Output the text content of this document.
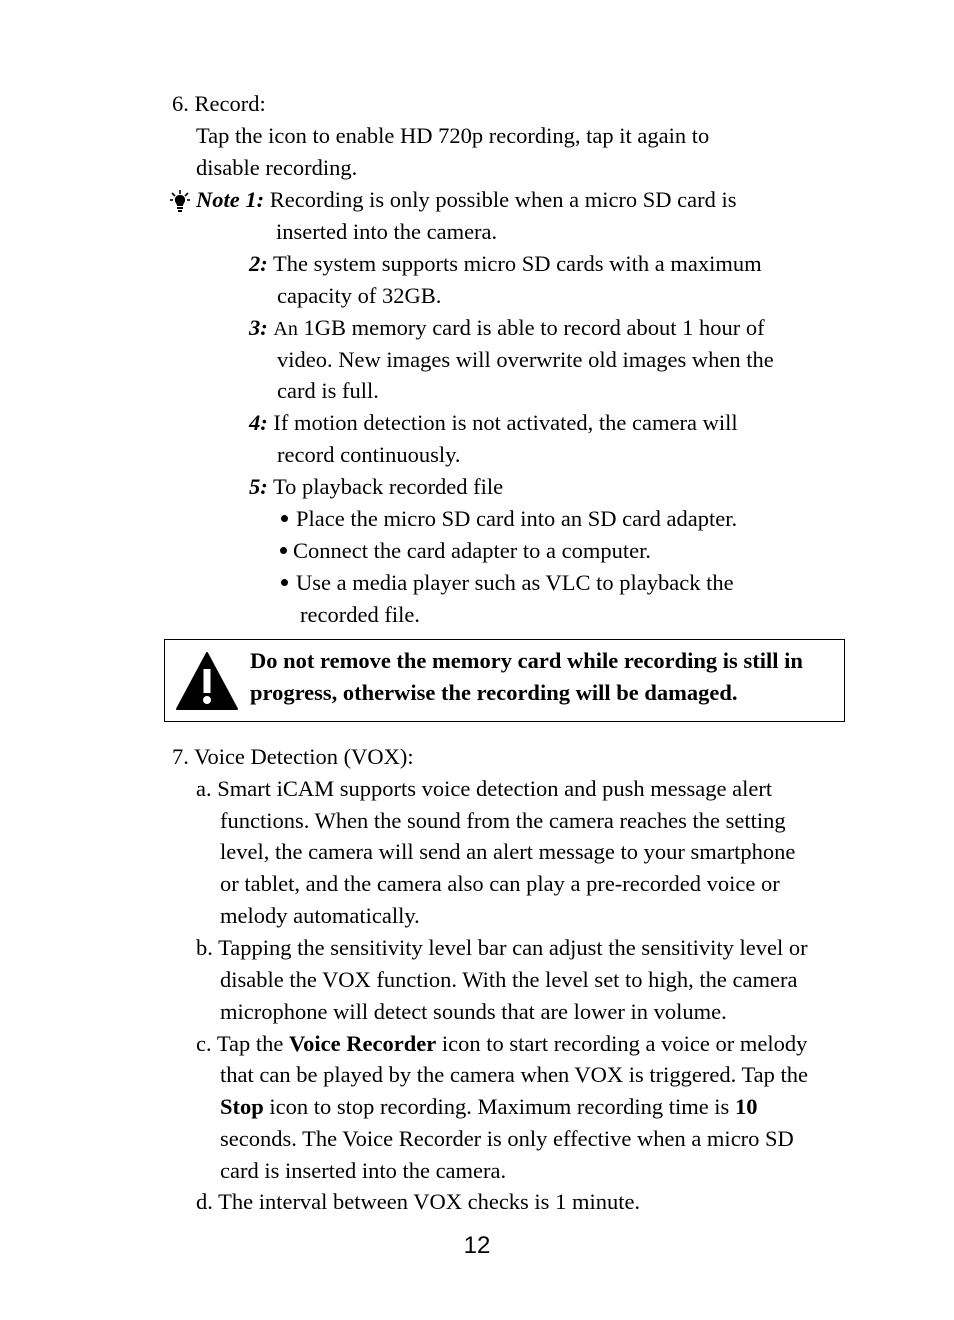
6. Record:
Tap the icon to enable HD 720p recording, tap it again to
disable recording.
Note 1: Recording is only possible when a micro SD card is
inserted into the camera.
2: The system supports micro SD cards with a maximum
capacity of 32GB.
3: An 1GB memory card is able to record about 1 hour of
video. New images will overwrite old images when the
card is full.
4: If motion detection is not activated, the camera will
record continuously.
5: To playback recorded file
Place the micro SD card into an SD card adapter.
Connect the card adapter to a computer.
Use a media player such as VLC to playback the
recorded file.
Do not remove the memory card while recording is still in
progress, otherwise the recording will be damaged.
7. Voice Detection (VOX):
a. Smart iCAM supports voice detection and push message alert
functions. When the sound from the camera reaches the setting
level, the camera will send an alert message to your smartphone
or tablet, and the camera also can play a pre-recorded voice or
melody automatically.
b. Tapping the sensitivity level bar can adjust the sensitivity level or
disable the VOX function. With the level set to high, the camera
microphone will detect sounds that are lower in volume.
c. Tap the Voice Recorder icon to start recording a voice or melody
that can be played by the camera when VOX is triggered. Tap the
Stop icon to stop recording. Maximum recording time is 10
seconds. The Voice Recorder is only effective when a micro SD
card is inserted into the camera.
d. The interval between VOX checks is 1 minute.
12
